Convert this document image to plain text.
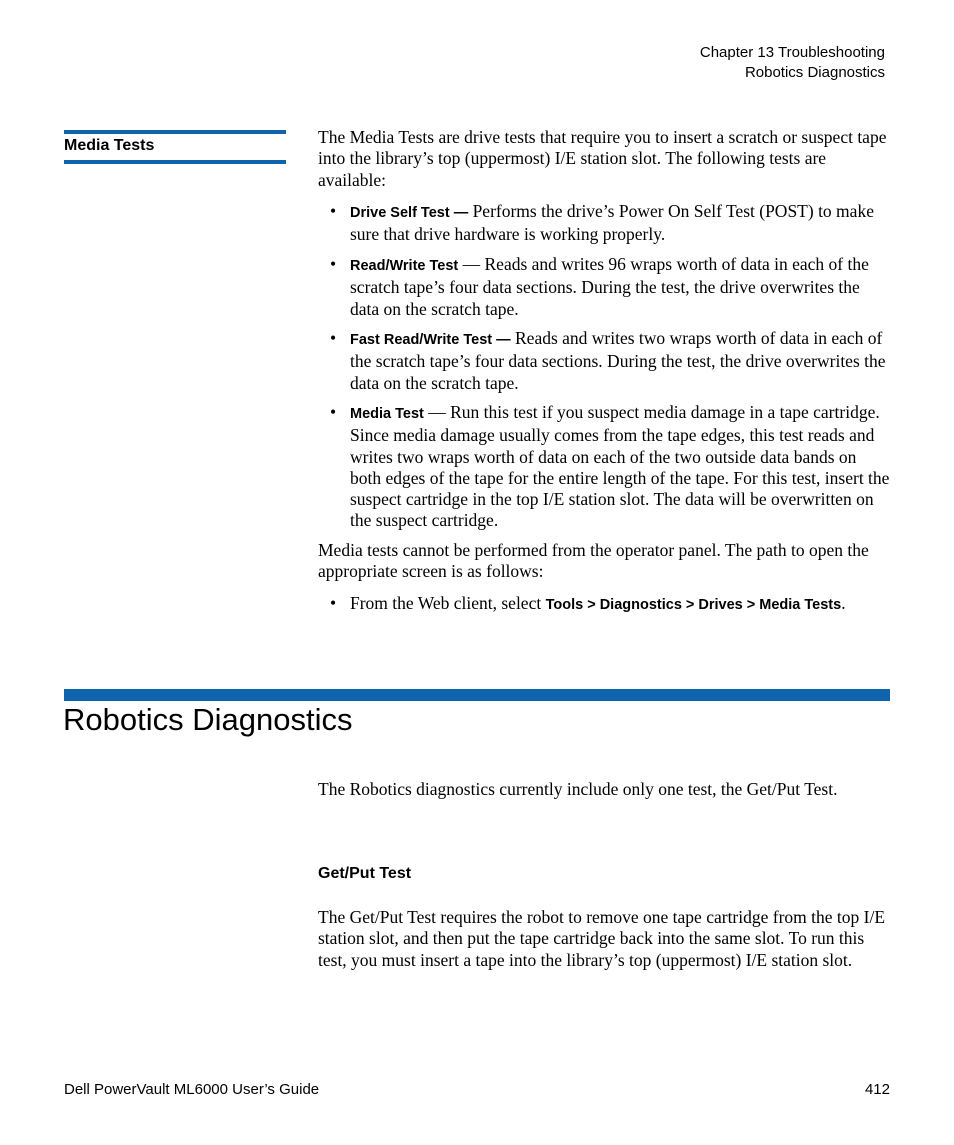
Chapter 13 Troubleshooting
Robotics Diagnostics
Media Tests	The Media Tests are drive tests that require you to insert a scratch or suspect tape into the library’s top (uppermost) I/E station slot. The following tests are available:
• Drive Self Test — Performs the drive’s Power On Self Test (POST) to make sure that drive hardware is working properly.
• Read/Write Test — Reads and writes 96 wraps worth of data in each of the scratch tape’s four data sections. During the test, the drive overwrites the data on the scratch tape.
• Fast Read/Write Test — Reads and writes two wraps worth of data in each of the scratch tape’s four data sections. During the test, the drive overwrites the data on the scratch tape.
• Media Test — Run this test if you suspect media damage in a tape cartridge. Since media damage usually comes from the tape edges, this test reads and writes two wraps worth of data on each of the two outside data bands on both edges of the tape for the entire length of the tape. For this test, insert the suspect cartridge in the top I/E station slot. The data will be overwritten on the suspect cartridge.
Media tests cannot be performed from the operator panel. The path to open the appropriate screen is as follows:
• From the Web client, select Tools > Diagnostics > Drives > Media Tests.
Robotics Diagnostics
The Robotics diagnostics currently include only one test, the Get/Put Test.
Get/Put Test
The Get/Put Test requires the robot to remove one tape cartridge from the top I/E station slot, and then put the tape cartridge back into the same slot. To run this test, you must insert a tape into the library’s top (uppermost) I/E station slot.
Dell PowerVault ML6000 User’s Guide	412
